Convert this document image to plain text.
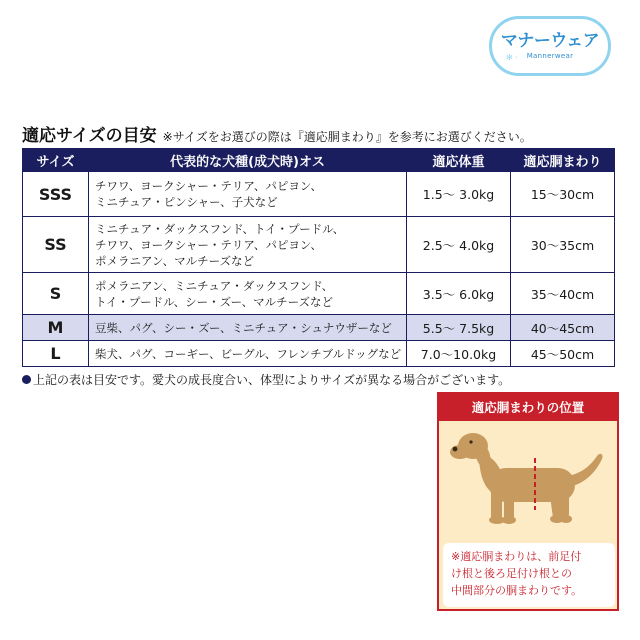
マナーウェア
Mannerwear
✻ ·
適応サイズの目安 ※サイズをお選びの際は『適応胴まわり』を参考にお選びください。
サイズ	代表的な犬種(成犬時)オス	適応体重	適応胴まわり
SSS	チワワ、ヨークシャー・テリア、パピヨン、
ミニチュア・ピンシャー、子犬など	1.5～ 3.0kg	15～30cm
SS	ミニチュア・ダックスフンド、トイ・プードル、
チワワ、ヨークシャー・テリア、パピヨン、
ポメラニアン、マルチーズなど	2.5～ 4.0kg	30～35cm
S	ポメラニアン、ミニチュア・ダックスフンド、
トイ・プードル、シー・ズー、マルチーズなど	3.5～ 6.0kg	35～40cm
M	豆柴、パグ、シー・ズー、ミニチュア・シュナウザーなど	5.5～ 7.5kg	40～45cm
L	柴犬、パグ、コーギー、ビーグル、フレンチブルドッグなど	7.0～10.0kg	45～50cm
上記の表は目安です。愛犬の成長度合い、体型によりサイズが異なる場合がございます。
適応胴まわりの位置
※適応胴まわりは、前足付
け根と後ろ足付け根との
中間部分の胴まわりです。
